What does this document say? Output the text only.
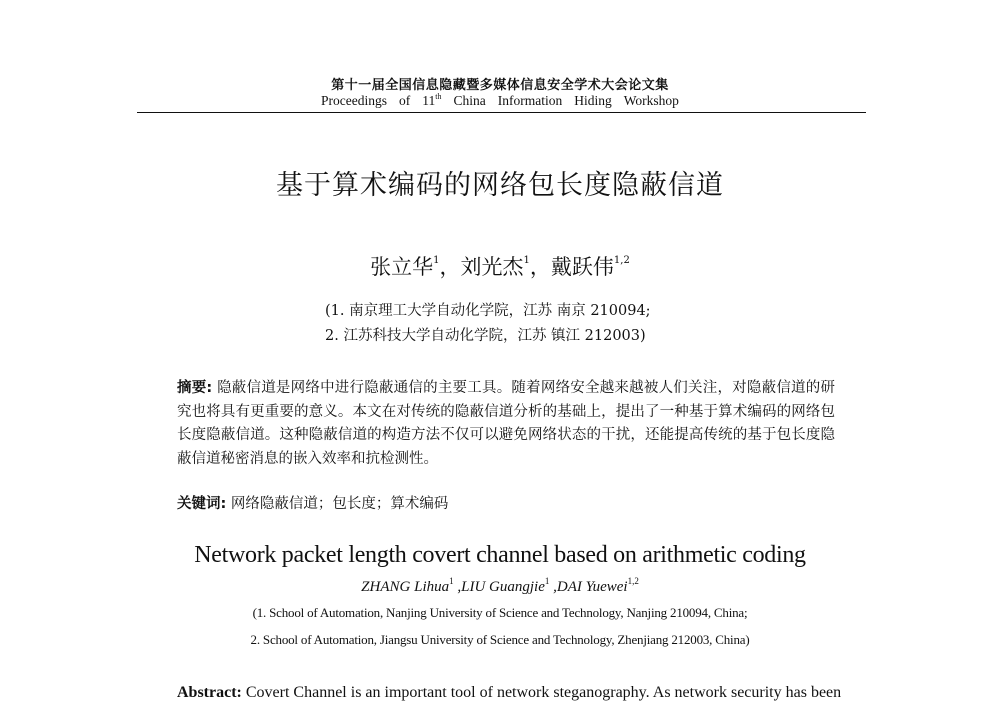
第十一届全国信息隐藏暨多媒体信息安全学术大会论文集
Proceedings of 11th China Information Hiding Workshop
基于算术编码的网络包长度隐蔽信道
张立华$^1$，刘光杰$^1$，戴跃伟$^{1,2}$
(1. 南京理工大学自动化学院，江苏 南京 210094;
2. 江苏科技大学自动化学院，江苏 镇江 212003)
摘要: 隐蔽信道是网络中进行隐蔽通信的主要工具。随着网络安全越来越被人们关注，对隐蔽信道的研究也将具有更重要的意义。本文在对传统的隐蔽信道分析的基础上，提出了一种基于算术编码的网络包长度隐蔽信道。这种隐蔽信道的构造方法不仅可以避免网络状态的干扰，还能提高传统的基于包长度隐蔽信道秘密消息的嵌入效率和抗检测性。
关键词: 网络隐蔽信道；包长度；算术编码
Network packet length covert channel based on arithmetic coding
ZHANG Lihua$^1$ ,LIU Guangjie$^1$ ,DAI Yuewei$^{1,2}$
(1. School of Automation, Nanjing University of Science and Technology, Nanjing 210094, China;
2. School of Automation, Jiangsu University of Science and Technology, Zhenjiang 212003, China)
Abstract: Covert Channel is an important tool of network steganography. As network security has been
